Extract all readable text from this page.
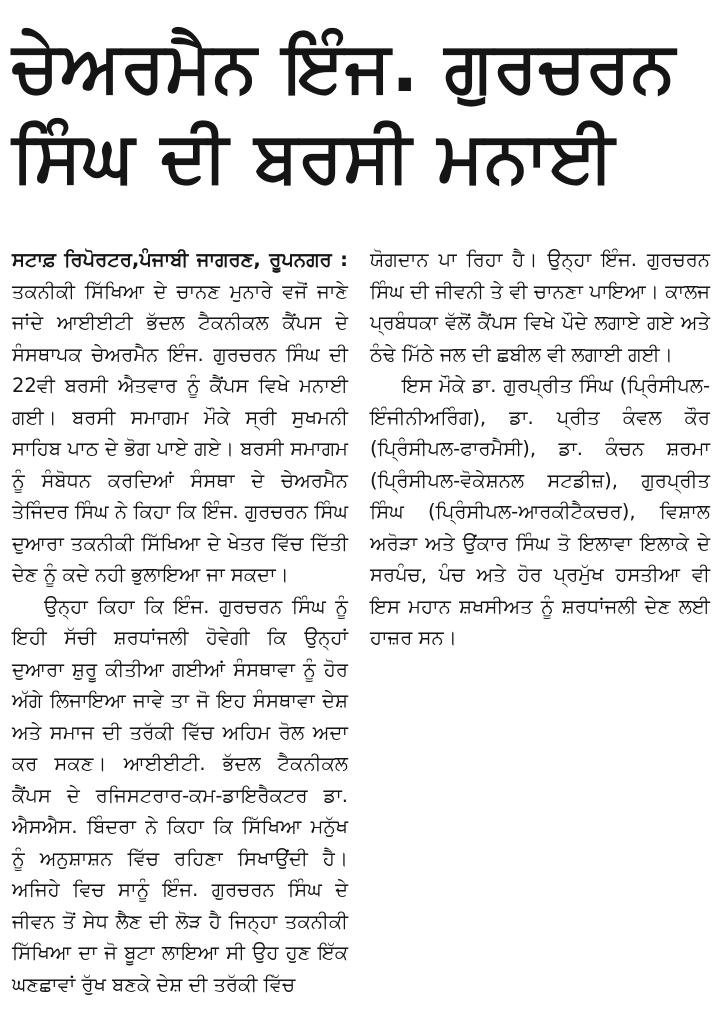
ਚੇਅਰਮੈਨ ਇੰਜ. ਗੁਰਚਰਨ
ਸਿੰਘ ਦੀ ਬਰਸੀ ਮਨਾਈ

ਸਟਾਫ਼ ਰਿਪੋਰਟਰ,ਪੰਜਾਬੀ ਜਾਗਰਣ, ਰੂਪਨਗਰ : ਤਕਨੀਕੀ ਸਿੱਖਿਆ ਦੇ ਚਾਨਣ ਮੁਨਾਰੇ ਵਜੋਂ ਜਾਣੇ ਜਾਂਦੇ ਆਈਈਟੀ ਭੱਦਲ ਟੈਕਨੀਕਲ ਕੈਂਪਸ ਦੇ ਸੰਸਥਾਪਕ ਚੇਅਰਮੈਨ ਇੰਜ. ਗੁਰਚਰਨ ਸਿੰਘ ਦੀ 22ਵੀ ਬਰਸੀ ਐਤਵਾਰ ਨੂੰ ਕੈਂਪਸ ਵਿਖੇ ਮਨਾਈ ਗਈ। ਬਰਸੀ ਸਮਾਗਮ ਮੌਕੇ ਸ੍ਰੀ ਸੁਖਮਨੀ ਸਾਹਿਬ ਪਾਠ ਦੇ ਭੋਗ ਪਾਏ ਗਏ। ਬਰਸੀ ਸਮਾਗਮ ਨੂੰ ਸੰਬੋਧਨ ਕਰਦਿਆਂ ਸੰਸਥਾ ਦੇ ਚੇਅਰਮੈਨ ਤੇਜਿੰਦਰ ਸਿੰਘ ਨੇ ਕਿਹਾ ਕਿ ਇੰਜ. ਗੁਰਚਰਨ ਸਿੰਘ ਦੁਆਰਾ ਤਕਨੀਕੀ ਸਿੱਖਿਆ ਦੇ ਖੇਤਰ ਵਿੱਚ ਦਿੱਤੀ ਦੇਣ ਨੂੰ ਕਦੇ ਨਹੀ ਭੁਲਾਇਆ ਜਾ ਸਕਦਾ।

ਉਨ੍ਹਾ ਕਿਹਾ ਕਿ ਇੰਜ. ਗੁਰਚਰਨ ਸਿੰਘ ਨੂੰ ਇਹੀ ਸੱਚੀ ਸ਼ਰਧਾਂਜਲੀ ਹੋਵੇਗੀ ਕਿ ਉਨ੍ਹਾਂ ਦੁਆਰਾ ਸ਼ੁਰੂ ਕੀਤੀਆ ਗਈਆਂ ਸੰਸਥਾਵਾ ਨੂੰ ਹੋਰ ਅੱਗੇ ਲਿਜਾਇਆ ਜਾਵੇ ਤਾ ਜੋ ਇਹ ਸੰਸਥਾਵਾ ਦੇਸ਼ ਅਤੇ ਸਮਾਜ ਦੀ ਤਰੱਕੀ ਵਿੱਚ ਅਹਿਮ ਰੋਲ ਅਦਾ ਕਰ ਸਕਣ। ਆਈਈਟੀ. ਭੱਦਲ ਟੈਕਨੀਕਲ ਕੈਂਪਸ ਦੇ ਰਜਿਸਟਰਾਰ-ਕਮ-ਡਾਇਰੈਕਟਰ ਡਾ. ਐਸਐਸ. ਬਿੰਦਰਾ ਨੇ ਕਿਹਾ ਕਿ ਸਿੱਖਿਆ ਮਨੁੱਖ ਨੂੰ ਅਨੁਸ਼ਾਸ਼ਨ ਵਿੱਚ ਰਹਿਣਾ ਸਿਖਾਉਂਦੀ ਹੈ। ਅਜਿਹੇ ਵਿਚ ਸਾਨੂੰ ਇੰਜ. ਗੁਰਚਰਨ ਸਿੰਘ ਦੇ ਜੀਵਨ ਤੋਂ ਸੇਧ ਲੈਣ ਦੀ ਲੋੜ ਹੈ ਜਿਨ੍ਹਾ ਤਕਨੀਕੀ ਸਿੱਖਿਆ ਦਾ ਜੋ ਬੂਟਾ ਲਾਇਆ ਸੀ ਉਹ ਹੁਣ ਇੱਕ ਘਣਛਾਵਾਂ ਰੁੱਖ ਬਣਕੇ ਦੇਸ਼ ਦੀ ਤਰੱਕੀ ਵਿੱਚ

ਯੋਗਦਾਨ ਪਾ ਰਿਹਾ ਹੈ। ਉਨ੍ਹਾ ਇੰਜ. ਗੁਰਚਰਨ ਸਿੰਘ ਦੀ ਜੀਵਨੀ ਤੇ ਵੀ ਚਾਨਣਾ ਪਾਇਆ। ਕਾਲਜ ਪ੍ਰਬੰਧਕਾ ਵੱਲੋਂ ਕੈਂਪਸ ਵਿਖੇ ਪੌਦੇ ਲਗਾਏ ਗਏ ਅਤੇ ਠੰਢੇ ਮਿੱਠੇ ਜਲ ਦੀ ਛਬੀਲ ਵੀ ਲਗਾਈ ਗਈ।

ਇਸ ਮੌਕੇ ਡਾ. ਗੁਰਪ੍ਰੀਤ ਸਿੰਘ (ਪ੍ਰਿੰਸੀਪਲ-ਇੰਜੀਨੀਅਰਿੰਗ), ਡਾ. ਪ੍ਰੀਤ ਕੰਵਲ ਕੌਰ (ਪ੍ਰਿੰਸੀਪਲ-ਫਾਰਮੈਸੀ), ਡਾ. ਕੰਚਨ ਸ਼ਰਮਾ (ਪ੍ਰਿੰਸੀਪਲ-ਵੋਕੇਸ਼ਨਲ ਸਟਡੀਜ਼), ਗੁਰਪ੍ਰੀਤ ਸਿੰਘ (ਪ੍ਰਿੰਸੀਪਲ-ਆਰਕੀਟੈਕਚਰ), ਵਿਸ਼ਾਲ ਅਰੋੜਾ ਅਤੇ ਉਂਕਾਰ ਸਿੰਘ ਤੋ ਇਲਾਵਾ ਇਲਾਕੇ ਦੇ ਸਰਪੰਚ, ਪੰਚ ਅਤੇ ਹੋਰ ਪ੍ਰਮੁੱਖ ਹਸਤੀਆ ਵੀ ਇਸ ਮਹਾਨ ਸ਼ਖਸੀਅਤ ਨੂੰ ਸ਼ਰਧਾਂਜਲੀ ਦੇਣ ਲਈ ਹਾਜ਼ਰ ਸਨ।
